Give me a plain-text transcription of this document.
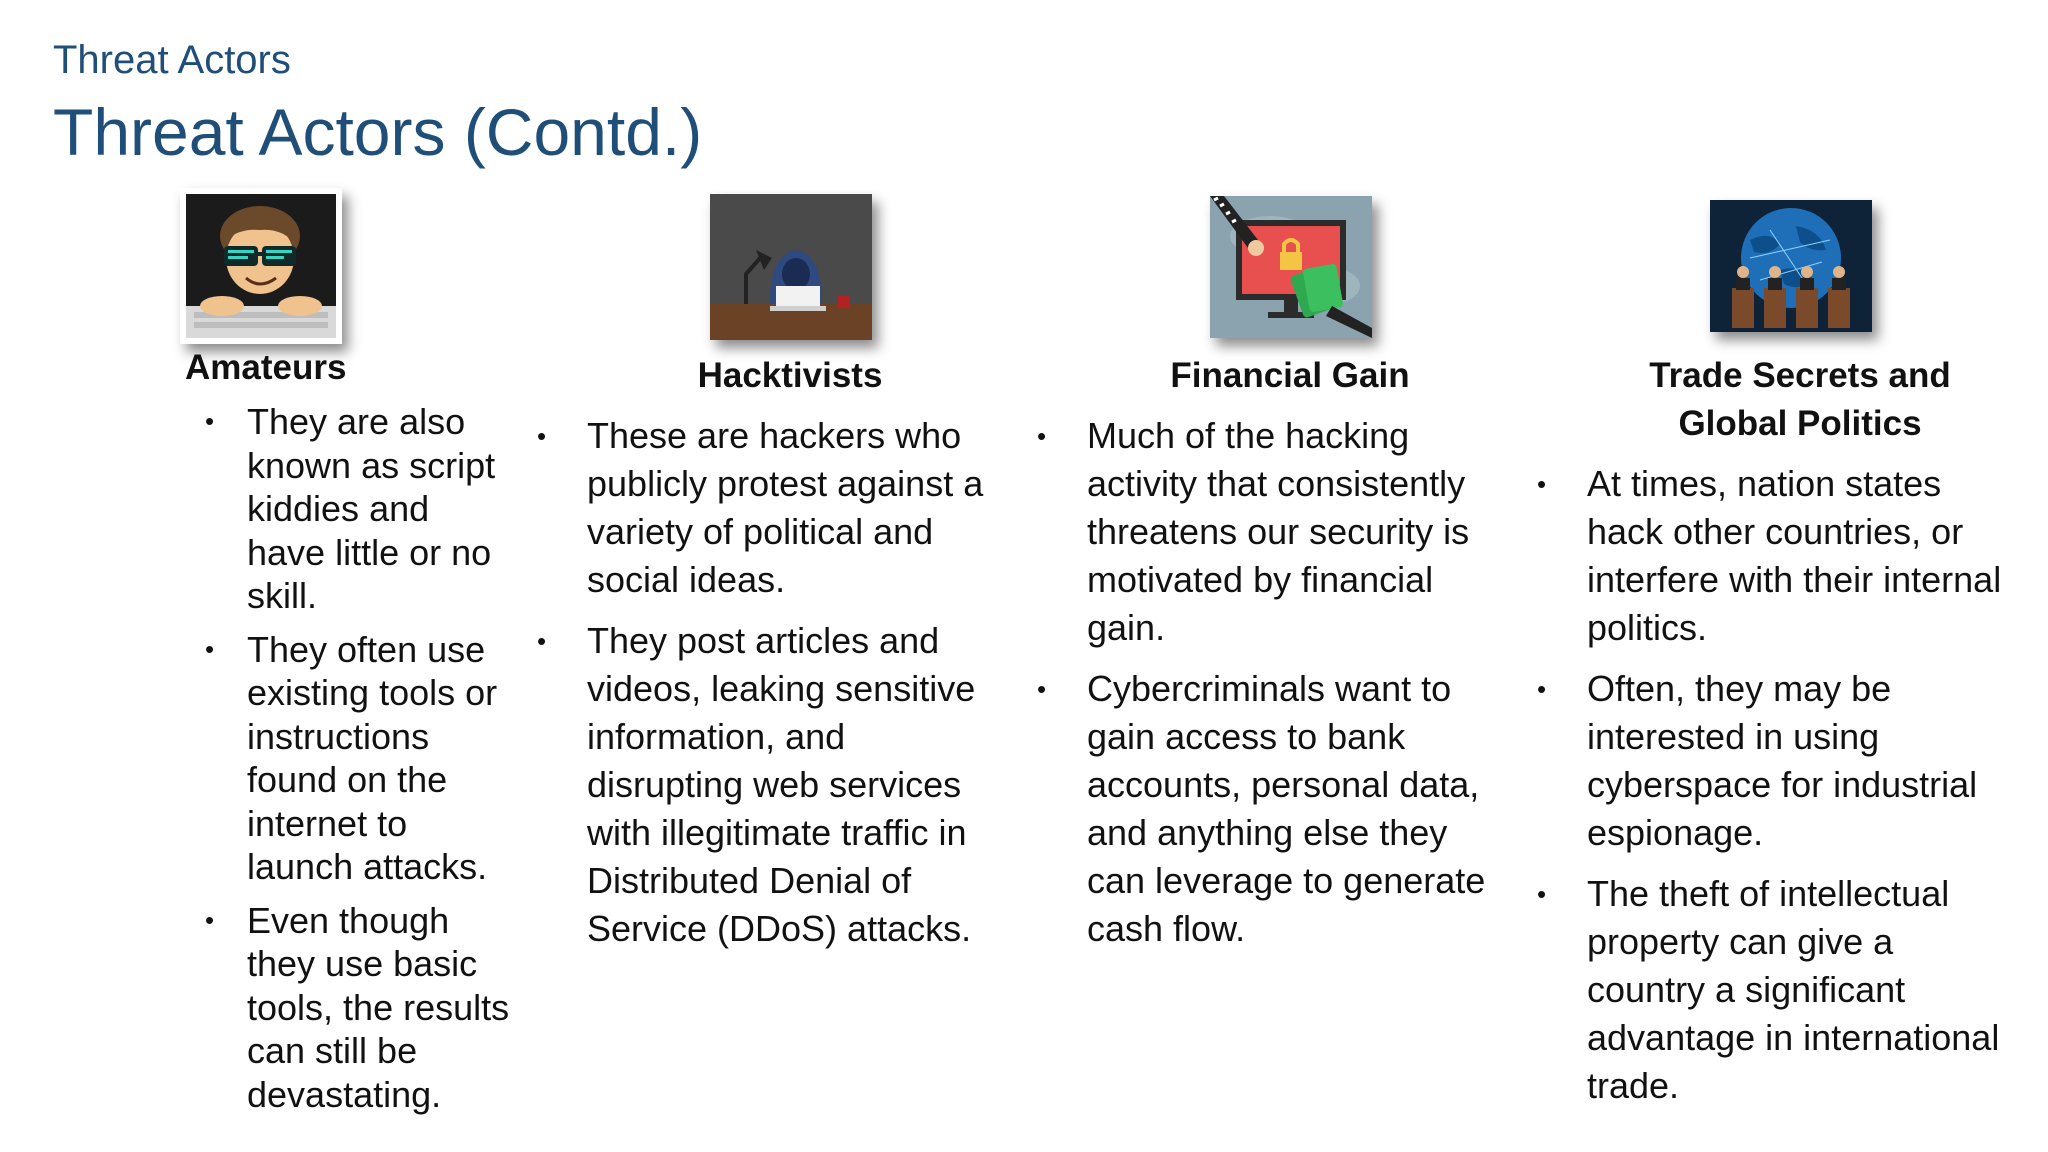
Threat Actors
Threat Actors (Contd.)
Amateurs
• They are also known as script kiddies and have little or no skill.
• They often use existing tools or instructions found on the internet to launch attacks.
• Even though they use basic tools, the results can still be devastating.
Hacktivists
• These are hackers who publicly protest against a variety of political and social ideas.
• They post articles and videos, leaking sensitive information, and disrupting web services with illegitimate traffic in Distributed Denial of Service (DDoS) attacks.
Financial Gain
• Much of the hacking activity that consistently threatens our security is motivated by financial gain.
• Cybercriminals want to gain access to bank accounts, personal data, and anything else they can leverage to generate cash flow.
Trade Secrets and Global Politics
• At times, nation states hack other countries, or interfere with their internal politics.
• Often, they may be interested in using cyberspace for industrial espionage.
• The theft of intellectual property can give a country a significant advantage in international trade.
